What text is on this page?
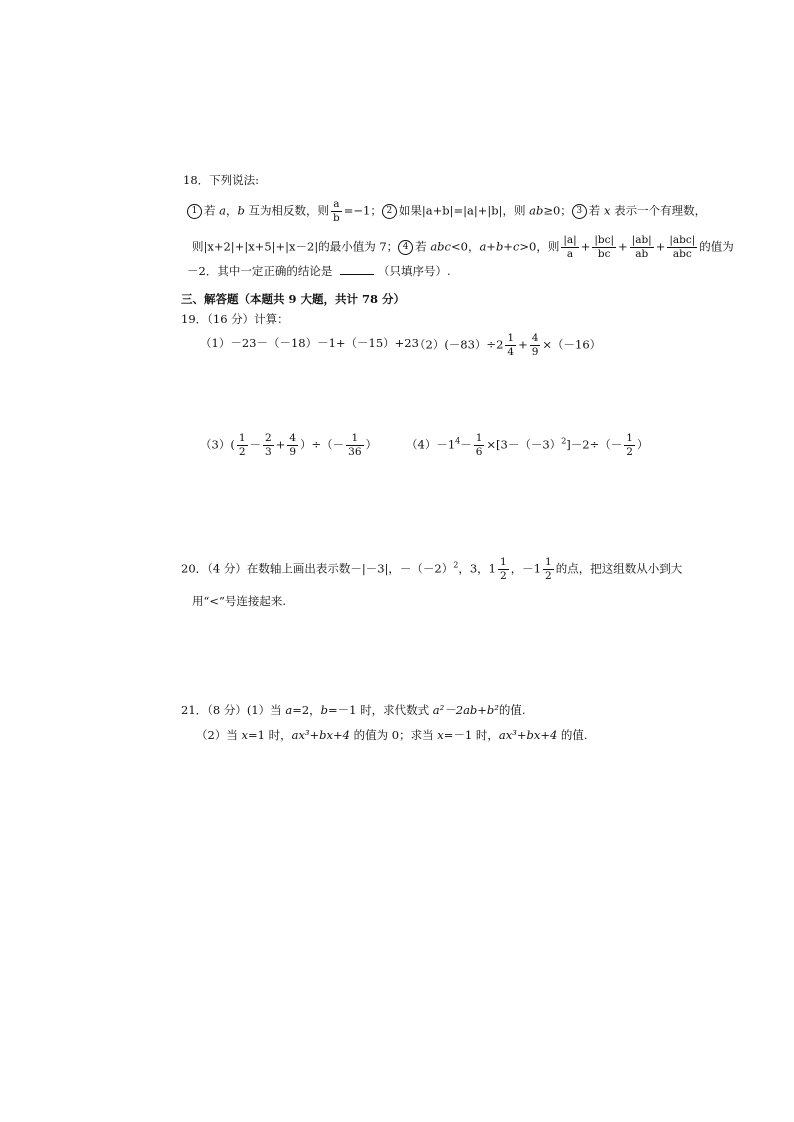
18．下列说法:
1 若 a，b 互为相反数，则 $\frac{a}{b} =-1$； 2 如果|a+b|=|a|+|b|，则 ab≥0； 3 若 x 表示一个有理数，
则|x+2|+|x+5|+|x－2|的最小值为 7； 4 若 abc<0，a+b+c>0，则 $\frac{|a|}{a} + \frac{|bc|}{bc} + \frac{|ab|}{ab} + \frac{\text{|abc|}}{\text{abc}}$ 的值为
－2．其中一定正确的结论是	（只填序号）.
三、解答题（本题共 9 大题，共计 78 分）
19．（16 分）计算：
（1）－23－（－18）－1+（－15）+23
$(2)(-83)\div 2 \frac{1}{4} + \frac{4}{9} \times(-16)$
$(3)( \frac{1}{2} - \frac{2}{3} + \frac{4}{9}$ ）÷（－ $\frac{1}{36}$ ）	$(4)-1^4- \frac{1}{6} \times[3-(-3)^2]-2\div(- \frac{1}{2}$ ）
20．（4 分）在数轴上画出表示数－|－3|，$-(-2)^2$，3，$1 \frac{1}{2}$ ，$-1 \frac{1}{2}$ 的点，把这组数从小到大
用“<”号连接起来.
21．（8 分）(1）当 a=2，b=－1 时，求代数式 a²－2ab+b²的值.
（2）当 x=1 时，ax³+bx+4 的值为 0；求当 x=－1 时，ax³+bx+4 的值.
